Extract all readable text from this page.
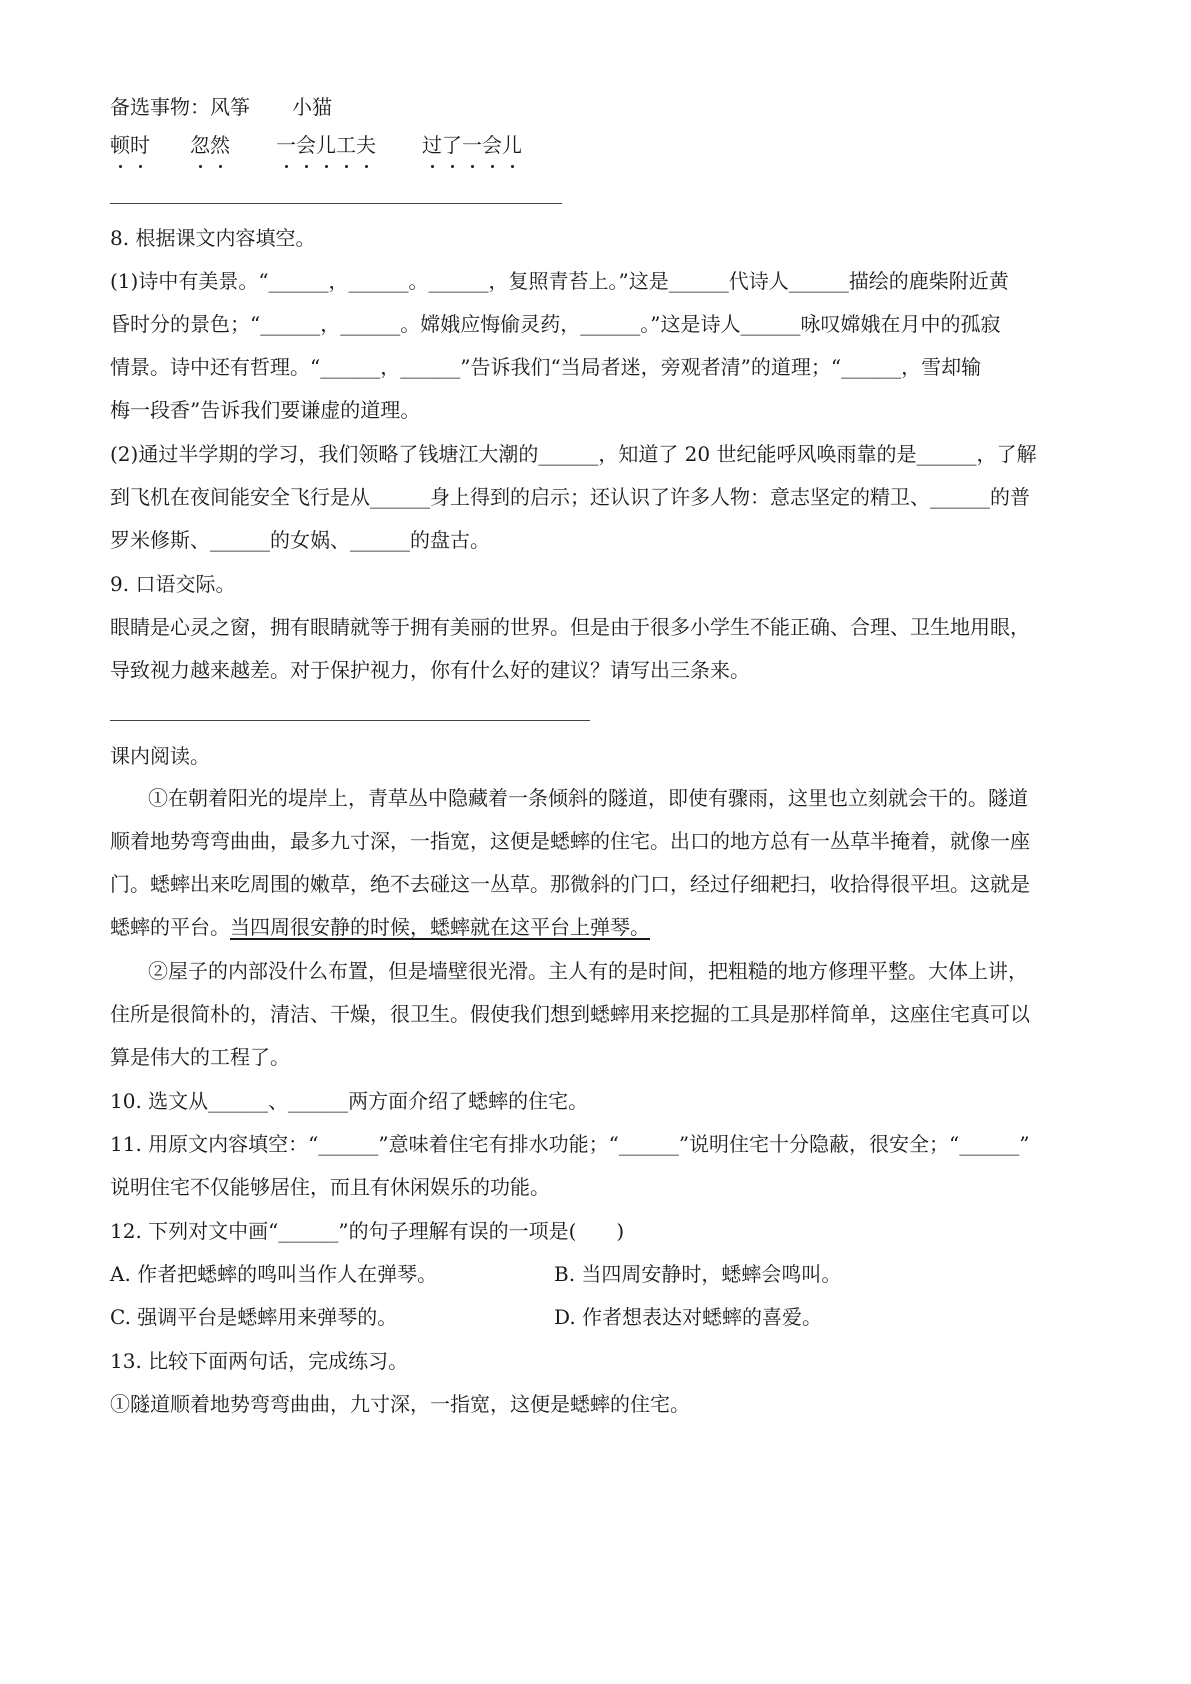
备选事物：风筝 小猫
顿时 忽然 一会儿工夫 过了一会儿
8. 根据课文内容填空。
(1)诗中有美景。“______，______。______，复照青苔上。”这是______代诗人______描绘的鹿柴附近黄
昏时分的景色；“______，______。嫦娥应悔偷灵药，______。”这是诗人______咏叹嫦娥在月中的孤寂
情景。诗中还有哲理。“______，______”告诉我们“当局者迷，旁观者清”的道理；“______，雪却输
梅一段香”告诉我们要谦虚的道理。
(2)通过半学期的学习，我们领略了钱塘江大潮的______，知道了 20 世纪能呼风唤雨靠的是______，了解
到飞机在夜间能安全飞行是从______身上得到的启示；还认识了许多人物：意志坚定的精卫、______的普
罗米修斯、______的女娲、______的盘古。
9. 口语交际。
眼睛是心灵之窗，拥有眼睛就等于拥有美丽的世界。但是由于很多小学生不能正确、合理、卫生地用眼，
导致视力越来越差。对于保护视力，你有什么好的建议？请写出三条来。
课内阅读。
①在朝着阳光的堤岸上，青草丛中隐藏着一条倾斜的隧道，即使有骤雨，这里也立刻就会干的。隧道
顺着地势弯弯曲曲，最多九寸深，一指宽，这便是蟋蟀的住宅。出口的地方总有一丛草半掩着，就像一座
门。蟋蟀出来吃周围的嫩草，绝不去碰这一丛草。那微斜的门口，经过仔细耙扫，收拾得很平坦。这就是
蟋蟀的平台。当四周很安静的时候，蟋蟀就在这平台上弹琴。
②屋子的内部没什么布置，但是墙壁很光滑。主人有的是时间，把粗糙的地方修理平整。大体上讲，
住所是很简朴的，清洁、干燥，很卫生。假使我们想到蟋蟀用来挖掘的工具是那样简单，这座住宅真可以
算是伟大的工程了。
10. 选文从______、______两方面介绍了蟋蟀的住宅。
11. 用原文内容填空：“______”意味着住宅有排水功能；“______”说明住宅十分隐蔽，很安全；“______”
说明住宅不仅能够居住，而且有休闲娱乐的功能。
12. 下列对文中画“______”的句子理解有误的一项是(　　)
A. 作者把蟋蟀的鸣叫当作人在弹琴。	B. 当四周安静时，蟋蟀会鸣叫。
C. 强调平台是蟋蟀用来弹琴的。	D. 作者想表达对蟋蟀的喜爱。
13. 比较下面两句话，完成练习。
①隧道顺着地势弯弯曲曲，九寸深，一指宽，这便是蟋蟀的住宅。
